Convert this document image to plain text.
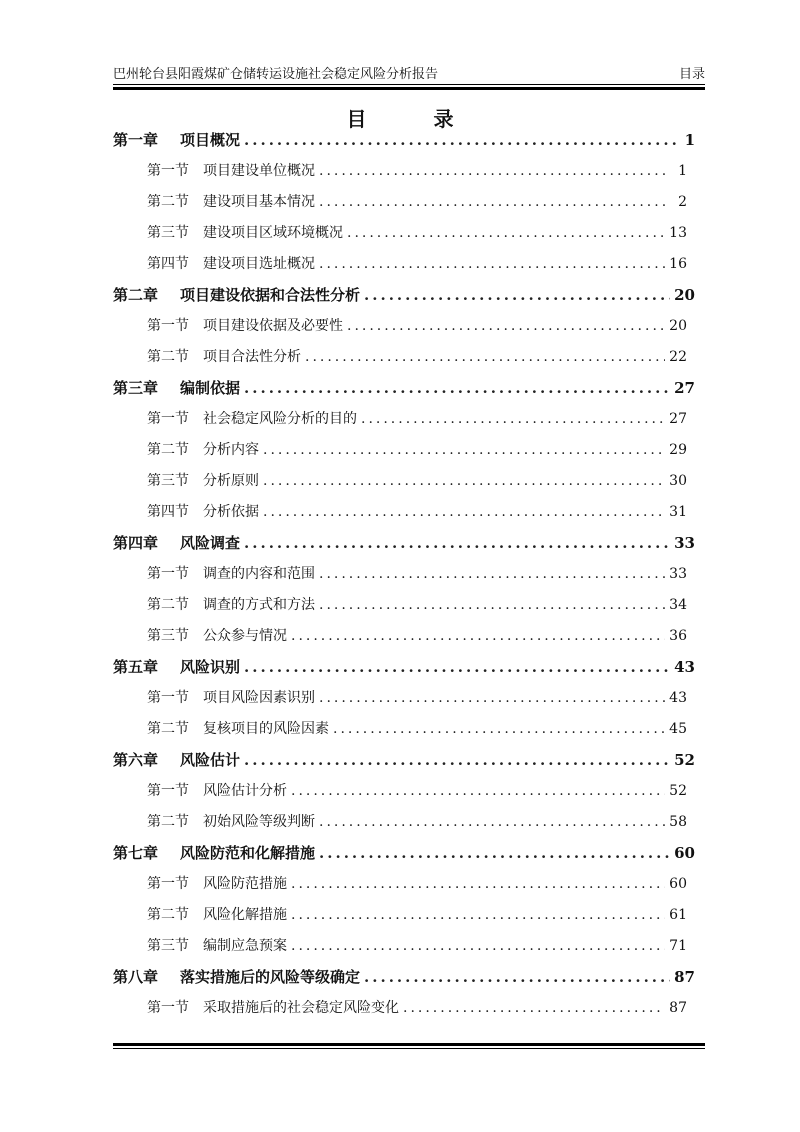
巴州轮台县阳霞煤矿仓储转运设施社会稳定风险分析报告	目录
目 录
第一章 项目概况 .....	1
第一节 项目建设单位概况 .....	1
第二节 建设项目基本情况 .....	2
第三节 建设项目区域环境概况 .....	13
第四节 建设项目选址概况 .....	16
第二章 项目建设依据和合法性分析 .....	20
第一节 项目建设依据及必要性 .....	20
第二节 项目合法性分析 .....	22
第三章 编制依据 .....	27
第一节 社会稳定风险分析的目的 .....	27
第二节 分析内容 .....	29
第三节 分析原则 .....	30
第四节 分析依据 .....	31
第四章 风险调查 .....	33
第一节 调查的内容和范围 .....	33
第二节 调查的方式和方法 .....	34
第三节 公众参与情况 .....	36
第五章 风险识别 .....	43
第一节 项目风险因素识别 .....	43
第二节 复核项目的风险因素 .....	45
第六章 风险估计 .....	52
第一节 风险估计分析 .....	52
第二节 初始风险等级判断 .....	58
第七章 风险防范和化解措施 .....	60
第一节 风险防范措施 .....	60
第二节 风险化解措施 .....	61
第三节 编制应急预案 .....	71
第八章 落实措施后的风险等级确定 .....	87
第一节 采取措施后的社会稳定风险变化 .....	87
